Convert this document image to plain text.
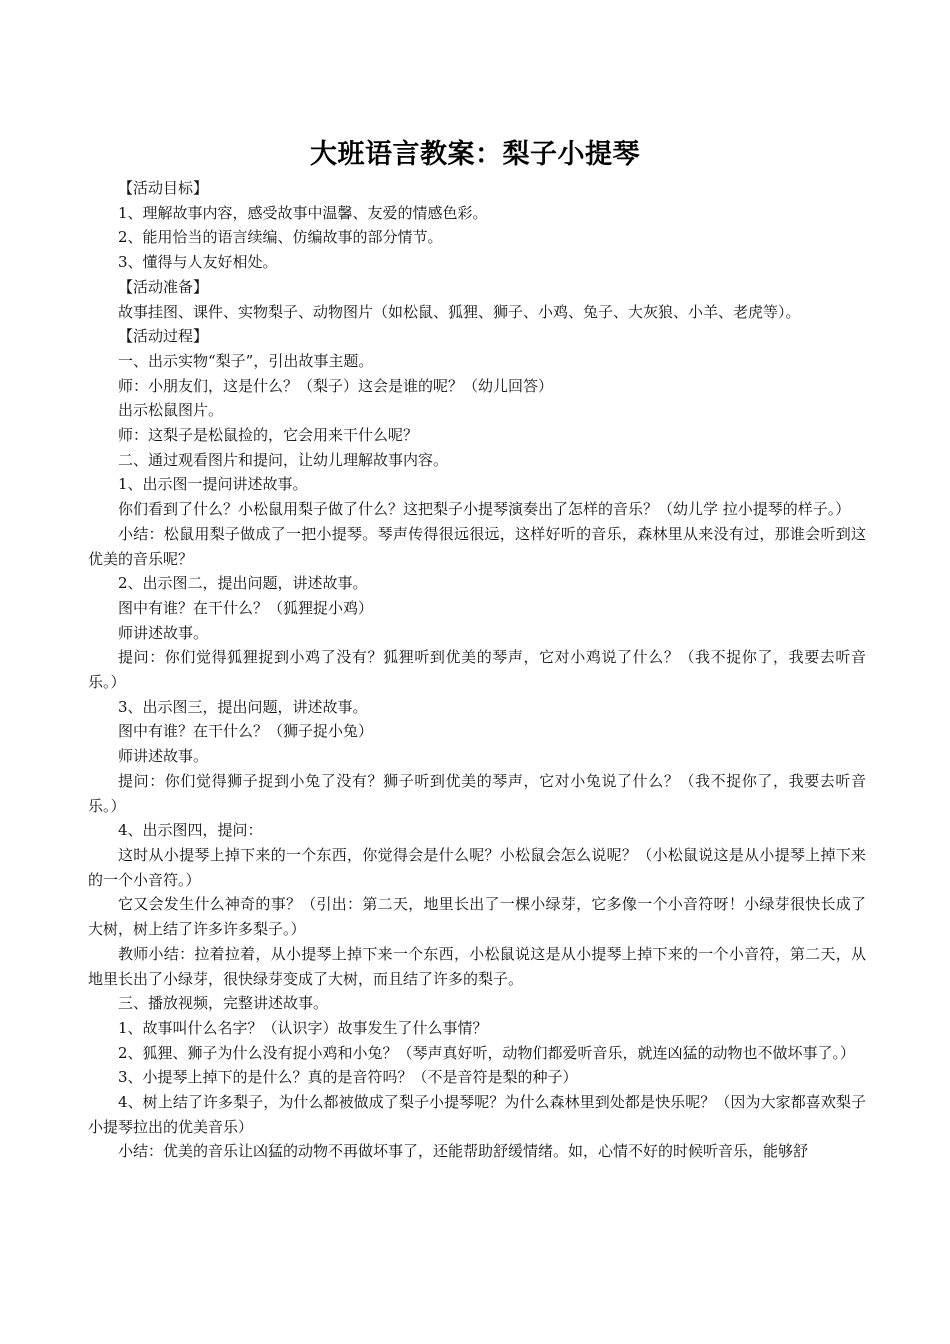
大班语言教案：梨子小提琴

【活动目标】

1、理解故事内容，感受故事中温馨、友爱的情感色彩。

2、能用恰当的语言续编、仿编故事的部分情节。

3、懂得与人友好相处。

【活动准备】

故事挂图、课件、实物梨子、动物图片（如松鼠、狐狸、狮子、小鸡、兔子、大灰狼、小羊、老虎等）。

【活动过程】

一、出示实物“梨子”，引出故事主题。

师：小朋友们，这是什么？（梨子）这会是谁的呢？（幼儿回答）

出示松鼠图片。

师：这梨子是松鼠捡的，它会用来干什么呢？

二、通过观看图片和提问，让幼儿理解故事内容。

1、出示图一提问讲述故事。

你们看到了什么？小松鼠用梨子做了什么？这把梨子小提琴演奏出了怎样的音乐？（幼儿学 拉小提琴的样子。）

小结：松鼠用梨子做成了一把小提琴。琴声传得很远很远，这样好听的音乐，森林里从来没有过，那谁会听到这优美的音乐呢？

2、出示图二，提出问题，讲述故事。

图中有谁？在干什么？（狐狸捉小鸡）

师讲述故事。

提问：你们觉得狐狸捉到小鸡了没有？狐狸听到优美的琴声，它对小鸡说了什么？（我不捉你了，我要去听音乐。）

3、出示图三，提出问题，讲述故事。

图中有谁？在干什么？（狮子捉小兔）

师讲述故事。

提问：你们觉得狮子捉到小兔了没有？狮子听到优美的琴声，它对小兔说了什么？（我不捉你了，我要去听音乐。）

4、出示图四，提问：

这时从小提琴上掉下来的一个东西，你觉得会是什么呢？小松鼠会怎么说呢？（小松鼠说这是从小提琴上掉下来的一个小音符。）

它又会发生什么神奇的事？（引出：第二天，地里长出了一棵小绿芽，它多像一个小音符呀！小绿芽很快长成了大树，树上结了许多许多梨子。）

教师小结：拉着拉着，从小提琴上掉下来一个东西，小松鼠说这是从小提琴上掉下来的一个小音符，第二天，从地里长出了小绿芽，很快绿芽变成了大树，而且结了许多的梨子。

三、播放视频，完整讲述故事。

1、故事叫什么名字？（认识字）故事发生了什么事情？

2、狐狸、狮子为什么没有捉小鸡和小兔？（琴声真好听，动物们都爱听音乐，就连凶猛的动物也不做坏事了。）

3、小提琴上掉下的是什么？真的是音符吗？（不是音符是梨的种子）

4、树上结了许多梨子，为什么都被做成了梨子小提琴呢？为什么森林里到处都是快乐呢？（因为大家都喜欢梨子小提琴拉出的优美音乐）

小结：优美的音乐让凶猛的动物不再做坏事了，还能帮助舒缓情绪。如，心情不好的时候听音乐，能够舒
